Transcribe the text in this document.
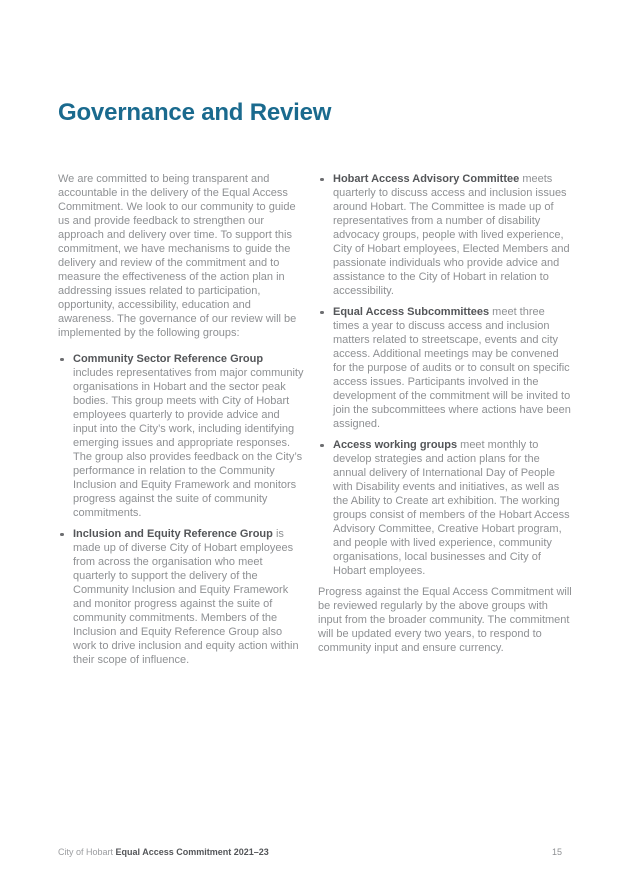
Governance and Review

We are committed to being transparent and accountable in the delivery of the Equal Access Commitment. We look to our community to guide us and provide feedback to strengthen our approach and delivery over time. To support this commitment, we have mechanisms to guide the delivery and review of the commitment and to measure the effectiveness of the action plan in addressing issues related to participation, opportunity, accessibility, education and awareness. The governance of our review will be implemented by the following groups:

Community Sector Reference Group includes representatives from major community organisations in Hobart and the sector peak bodies. This group meets with City of Hobart employees quarterly to provide advice and input into the City’s work, including identifying emerging issues and appropriate responses. The group also provides feedback on the City’s performance in relation to the Community Inclusion and Equity Framework and monitors progress against the suite of community commitments.
Inclusion and Equity Reference Group is made up of diverse City of Hobart employees from across the organisation who meet quarterly to support the delivery of the Community Inclusion and Equity Framework and monitor progress against the suite of community commitments. Members of the Inclusion and Equity Reference Group also work to drive inclusion and equity action within their scope of influence.
Hobart Access Advisory Committee meets quarterly to discuss access and inclusion issues around Hobart. The Committee is made up of representatives from a number of disability advocacy groups, people with lived experience, City of Hobart employees, Elected Members and passionate individuals who provide advice and assistance to the City of Hobart in relation to accessibility.
Equal Access Subcommittees meet three times a year to discuss access and inclusion matters related to streetscape, events and city access. Additional meetings may be convened for the purpose of audits or to consult on specific access issues. Participants involved in the development of the commitment will be invited to join the subcommittees where actions have been assigned.
Access working groups meet monthly to develop strategies and action plans for the annual delivery of International Day of People with Disability events and initiatives, as well as the Ability to Create art exhibition. The working groups consist of members of the Hobart Access Advisory Committee, Creative Hobart program, and people with lived experience, community organisations, local businesses and City of Hobart employees.

Progress against the Equal Access Commitment will be reviewed regularly by the above groups with input from the broader community. The commitment will be updated every two years, to respond to community input and ensure currency.

City of Hobart Equal Access Commitment 2021–23	15
